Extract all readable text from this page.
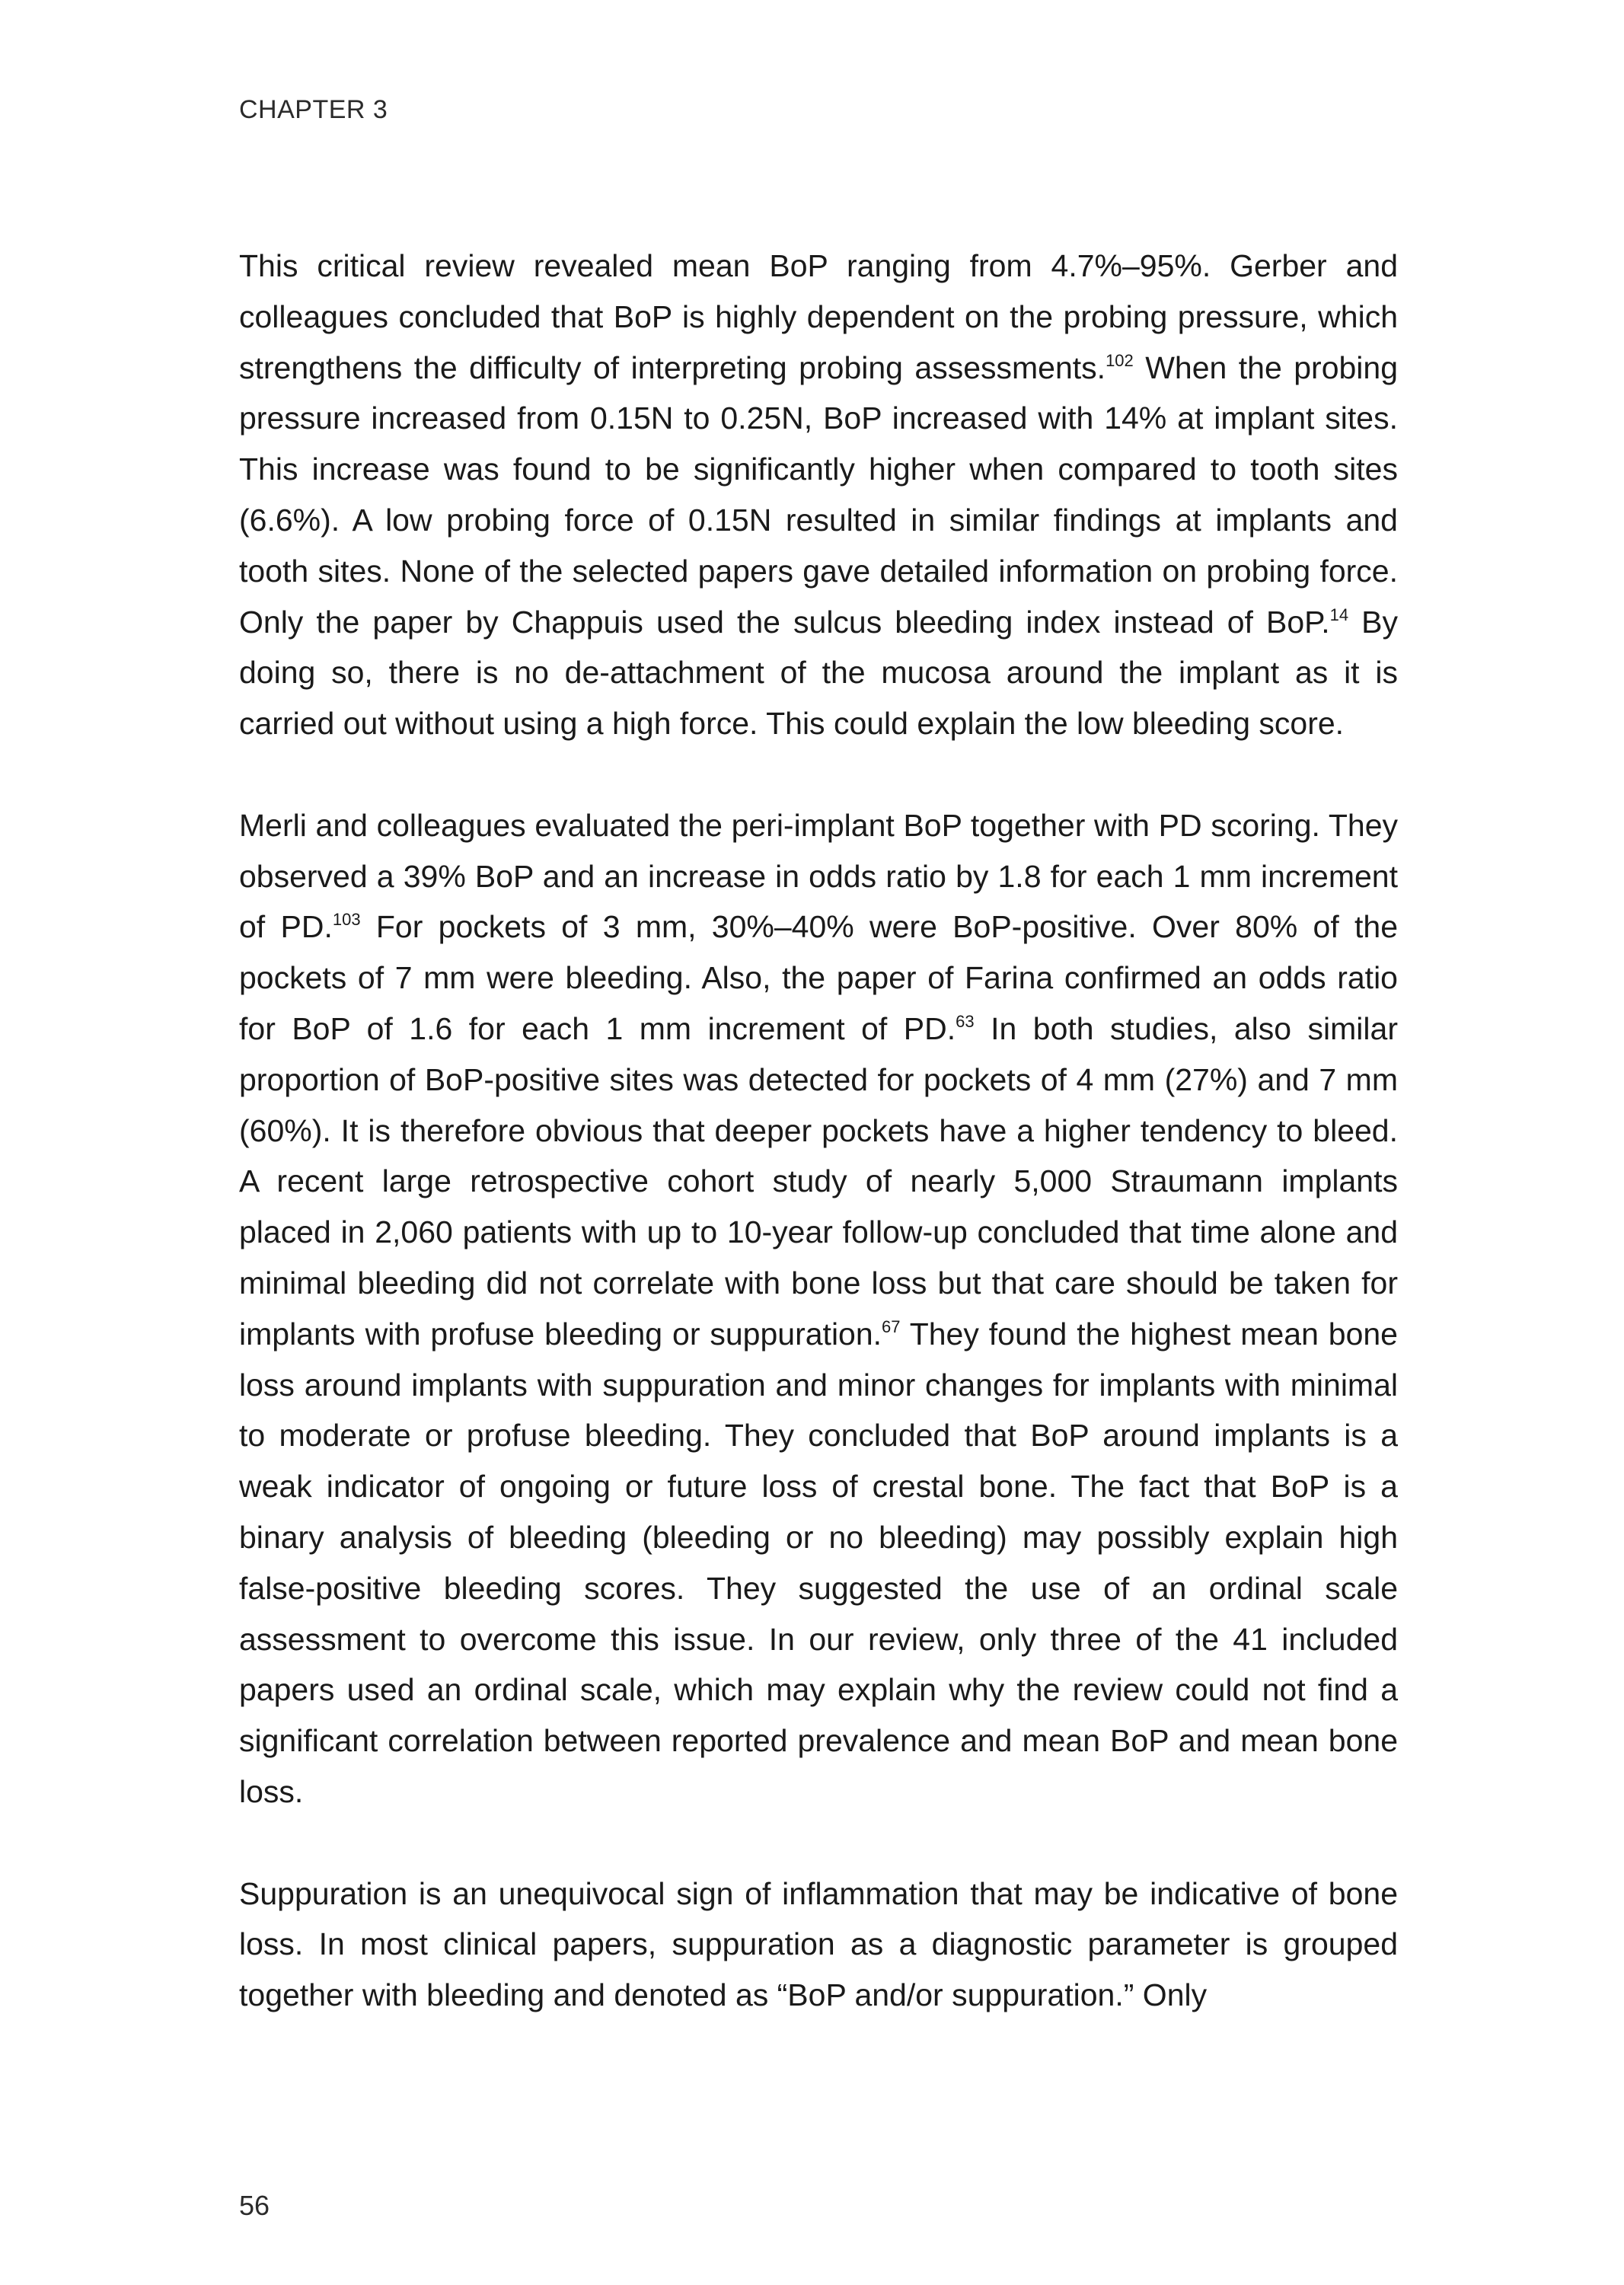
CHAPTER 3

This critical review revealed mean BoP ranging from 4.7%–95%. Gerber and colleagues concluded that BoP is highly dependent on the probing pressure, which strengthens the difficulty of interpreting probing assessments.$^{102}$ When the probing pressure increased from 0.15N to 0.25N, BoP increased with 14% at implant sites. This increase was found to be significantly higher when compared to tooth sites (6.6%). A low probing force of 0.15N resulted in similar findings at implants and tooth sites. None of the selected papers gave detailed information on probing force. Only the paper by Chappuis used the sulcus bleeding index instead of BoP.$^{14}$ By doing so, there is no de-attachment of the mucosa around the implant as it is carried out without using a high force. This could explain the low bleeding score.

Merli and colleagues evaluated the peri-implant BoP together with PD scoring. They observed a 39% BoP and an increase in odds ratio by 1.8 for each 1 mm increment of PD.$^{103}$ For pockets of 3 mm, 30%–40% were BoP-positive. Over 80% of the pockets of 7 mm were bleeding. Also, the paper of Farina confirmed an odds ratio for BoP of 1.6 for each 1 mm increment of PD.$^{63}$ In both studies, also similar proportion of BoP-positive sites was detected for pockets of 4 mm (27%) and 7 mm (60%). It is therefore obvious that deeper pockets have a higher tendency to bleed. A recent large retrospective cohort study of nearly 5,000 Straumann implants placed in 2,060 patients with up to 10-year follow-up concluded that time alone and minimal bleeding did not correlate with bone loss but that care should be taken for implants with profuse bleeding or suppuration.$^{67}$ They found the highest mean bone loss around implants with suppuration and minor changes for implants with minimal to moderate or profuse bleeding. They concluded that BoP around implants is a weak indicator of ongoing or future loss of crestal bone. The fact that BoP is a binary analysis of bleeding (bleeding or no bleeding) may possibly explain high false-positive bleeding scores. They suggested the use of an ordinal scale assessment to overcome this issue. In our review, only three of the 41 included papers used an ordinal scale, which may explain why the review could not find a significant correlation between reported prevalence and mean BoP and mean bone loss.

Suppuration is an unequivocal sign of inflammation that may be indicative of bone loss. In most clinical papers, suppuration as a diagnostic parameter is grouped together with bleeding and denoted as “BoP and/or suppuration.” Only

56
